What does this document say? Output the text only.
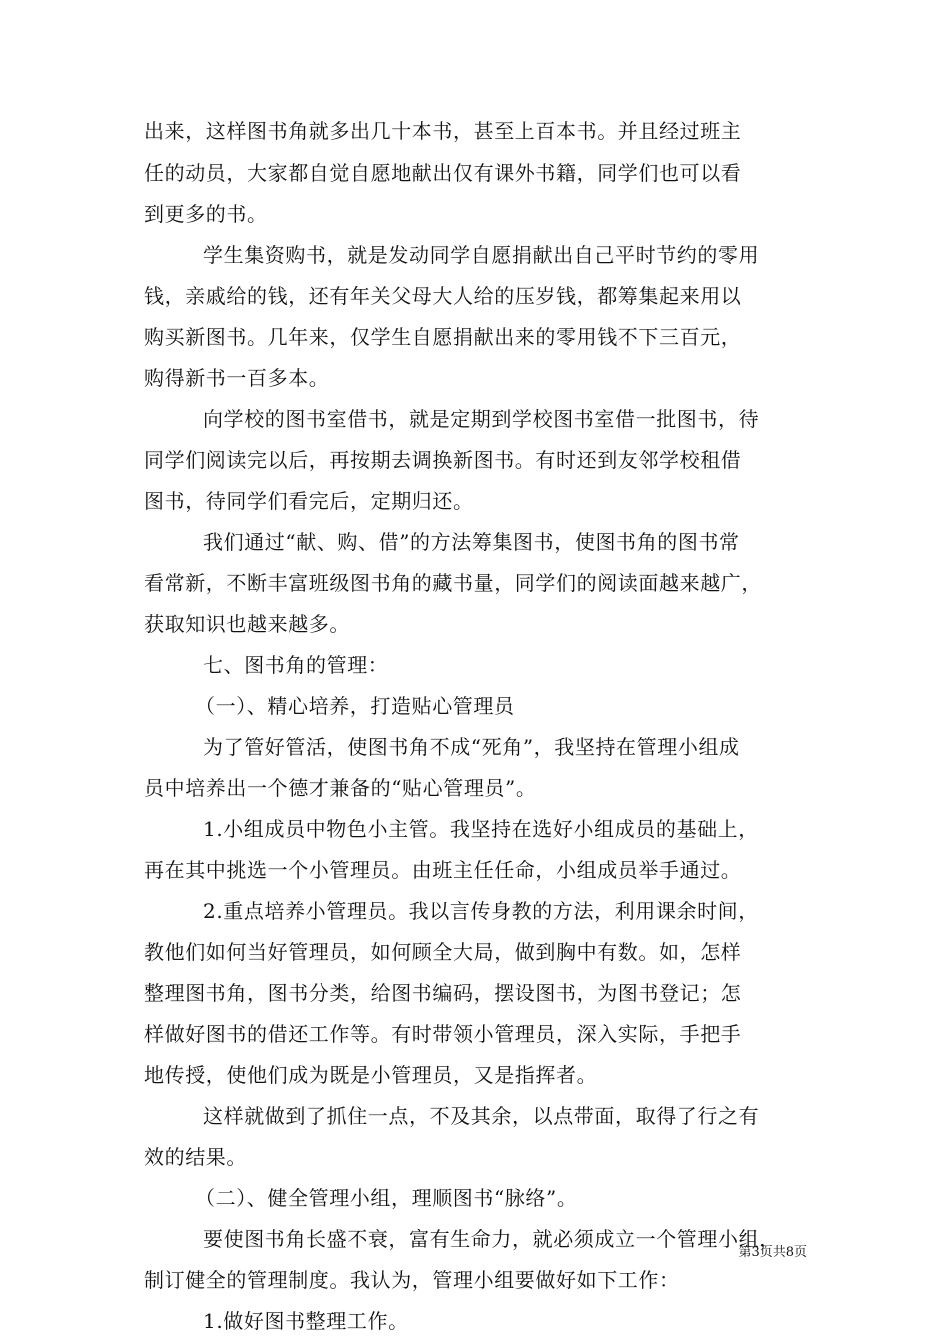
出来，这样图书角就多出几十本书，甚至上百本书。并且经过班主
任的动员，大家都自觉自愿地献出仅有课外书籍，同学们也可以看
到更多的书。
学生集资购书，就是发动同学自愿捐献出自己平时节约的零用
钱，亲戚给的钱，还有年关父母大人给的压岁钱，都筹集起来用以
购买新图书。几年来，仅学生自愿捐献出来的零用钱不下三百元，
购得新书一百多本。
向学校的图书室借书，就是定期到学校图书室借一批图书，待
同学们阅读完以后，再按期去调换新图书。有时还到友邻学校租借
图书，待同学们看完后，定期归还。
我们通过“献、购、借”的方法筹集图书，使图书角的图书常
看常新，不断丰富班级图书角的藏书量，同学们的阅读面越来越广，
获取知识也越来越多。
七、图书角的管理：
（一）、精心培养，打造贴心管理员
为了管好管活，使图书角不成“死角”，我坚持在管理小组成
员中培养出一个德才兼备的“贴心管理员”。
1.小组成员中物色小主管。我坚持在选好小组成员的基础上，
再在其中挑选一个小管理员。由班主任任命，小组成员举手通过。
2.重点培养小管理员。我以言传身教的方法，利用课余时间，
教他们如何当好管理员，如何顾全大局，做到胸中有数。如，怎样
整理图书角，图书分类，给图书编码，摆设图书，为图书登记；怎
样做好图书的借还工作等。有时带领小管理员，深入实际，手把手
地传授，使他们成为既是小管理员，又是指挥者。
这样就做到了抓住一点，不及其余，以点带面，取得了行之有
效的结果。
（二）、健全管理小组，理顺图书“脉络”。
要使图书角长盛不衰，富有生命力，就必须成立一个管理小组，
制订健全的管理制度。我认为，管理小组要做好如下工作：
1.做好图书整理工作。
第3页共8页
